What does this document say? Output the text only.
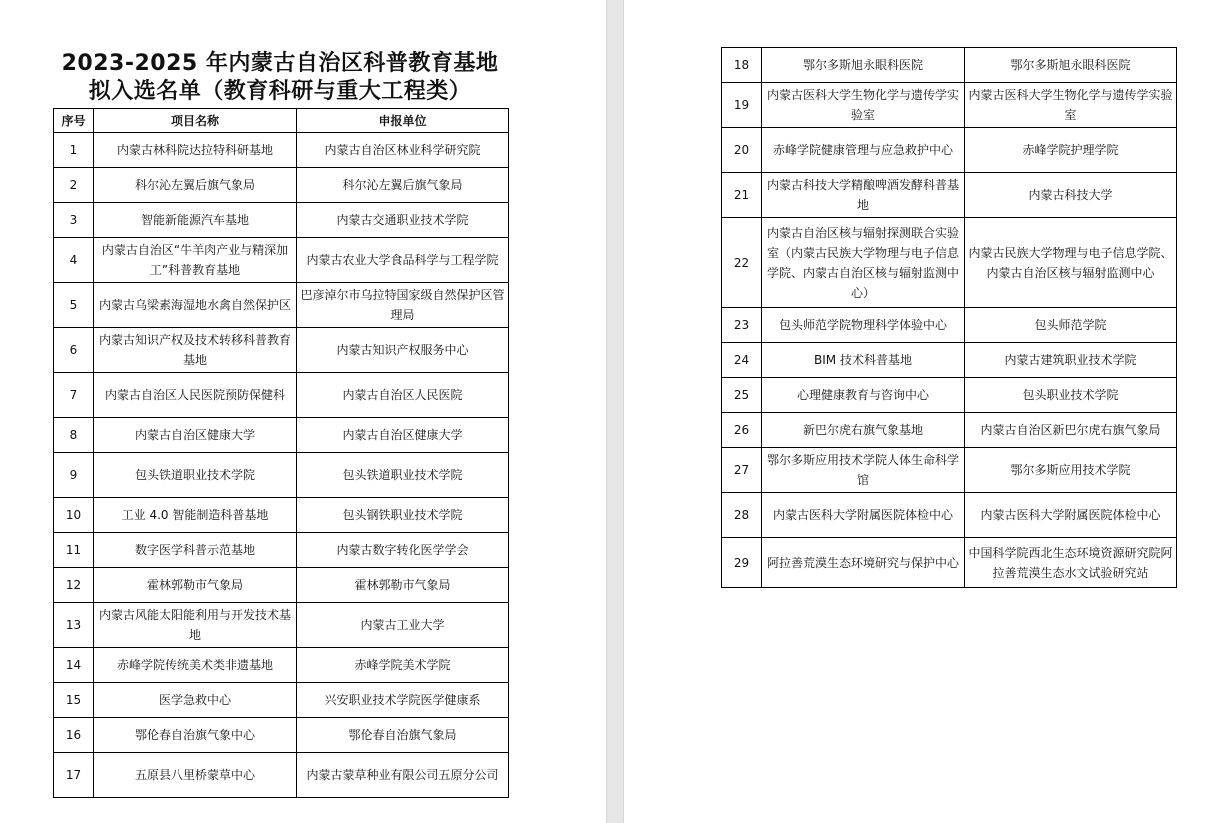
2023-2025 年内蒙古自治区科普教育基地
拟入选名单（教育科研与重大工程类）
序号	项目名称	申报单位
1	内蒙古林科院达拉特科研基地	内蒙古自治区林业科学研究院
2	科尔沁左翼后旗气象局	科尔沁左翼后旗气象局
3	智能新能源汽车基地	内蒙古交通职业技术学院
4	内蒙古自治区“牛羊肉产业与精深加工”科普教育基地	内蒙古农业大学食品科学与工程学院
5	内蒙古乌梁素海湿地水禽自然保护区	巴彦淖尔市乌拉特国家级自然保护区管理局
6	内蒙古知识产权及技术转移科普教育基地	内蒙古知识产权服务中心
7	内蒙古自治区人民医院预防保健科	内蒙古自治区人民医院
8	内蒙古自治区健康大学	内蒙古自治区健康大学
9	包头铁道职业技术学院	包头铁道职业技术学院
10	工业 4.0 智能制造科普基地	包头钢铁职业技术学院
11	数字医学科普示范基地	内蒙古数字转化医学学会
12	霍林郭勒市气象局	霍林郭勒市气象局
13	内蒙古风能太阳能利用与开发技术基地	内蒙古工业大学
14	赤峰学院传统美术类非遗基地	赤峰学院美术学院
15	医学急救中心	兴安职业技术学院医学健康系
16	鄂伦春自治旗气象中心	鄂伦春自治旗气象局
17	五原县八里桥蒙草中心	内蒙古蒙草种业有限公司五原分公司
18	鄂尔多斯旭永眼科医院	鄂尔多斯旭永眼科医院
19	内蒙古医科大学生物化学与遗传学实验室	内蒙古医科大学生物化学与遗传学实验室
20	赤峰学院健康管理与应急救护中心	赤峰学院护理学院
21	内蒙古科技大学精酿啤酒发酵科普基地	内蒙古科技大学
22	内蒙古自治区核与辐射探测联合实验室（内蒙古民族大学物理与电子信息学院、内蒙古自治区核与辐射监测中心）	内蒙古民族大学物理与电子信息学院、内蒙古自治区核与辐射监测中心
23	包头师范学院物理科学体验中心	包头师范学院
24	BIM 技术科普基地	内蒙古建筑职业技术学院
25	心理健康教育与咨询中心	包头职业技术学院
26	新巴尔虎右旗气象基地	内蒙古自治区新巴尔虎右旗气象局
27	鄂尔多斯应用技术学院人体生命科学馆	鄂尔多斯应用技术学院
28	内蒙古医科大学附属医院体检中心	内蒙古医科大学附属医院体检中心
29	阿拉善荒漠生态环境研究与保护中心	中国科学院西北生态环境资源研究院阿拉善荒漠生态水文试验研究站
